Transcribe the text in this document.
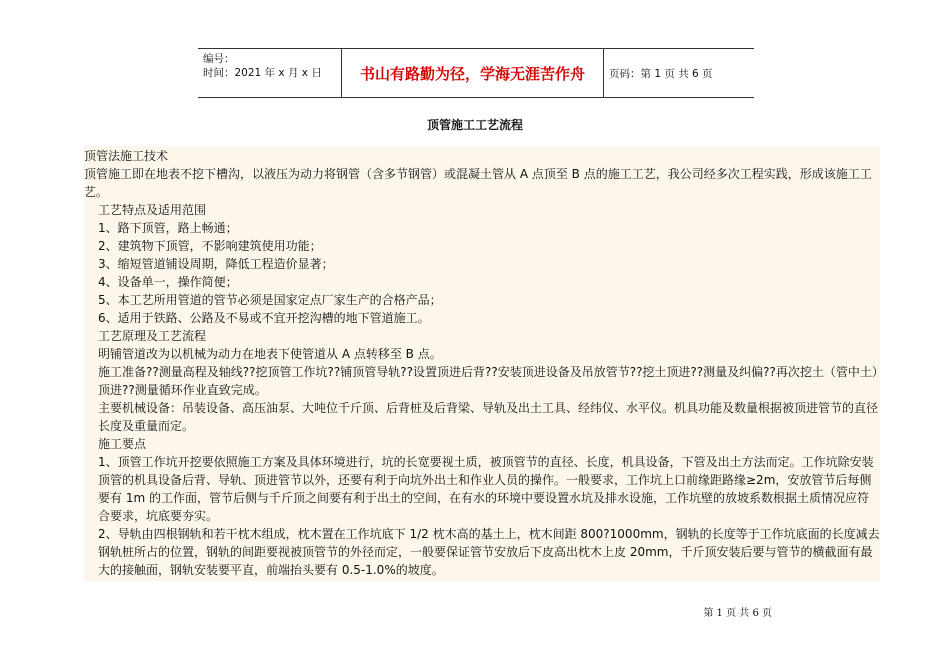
编号：
时间：2021 年 x 月 x 日	书山有路勤为径，学海无涯苦作舟	页码：第 1 页 共 6 页
顶管施工工艺流程

顶管法施工技术

顶管施工即在地表不挖下槽沟，以液压为动力将钢管（含多节钢管）或混凝土管从 A 点顶至 B 点的施工工艺，我公司经多次工程实践，形成该施工工艺。

工艺特点及适用范围

1、路下顶管，路上畅通；

2、建筑物下顶管，不影响建筑使用功能；

3、缩短管道铺设周期，降低工程造价显著；

4、设备单一，操作简便；

5、本工艺所用管道的管节必须是国家定点厂家生产的合格产品；

6、适用于铁路、公路及不易或不宜开挖沟槽的地下管道施工。

工艺原理及工艺流程

明铺管道改为以机械为动力在地表下使管道从 A 点转移至 B 点。

施工准备??测量高程及轴线??挖顶管工作坑??铺顶管导轨??设置顶进后背??安装顶进设备及吊放管节??挖土顶进??测量及纠偏??再次挖土（管中土）顶进??测量循环作业直致完成。

主要机械设备：吊装设备、高压油泵、大吨位千斤顶、后背桩及后背梁、导轨及出土工具、经纬仪、水平仪。机具功能及数量根据被顶进管节的直径长度及重量而定。

施工要点

1、顶管工作坑开挖要依照施工方案及具体环境进行，坑的长宽要视土质，被顶管节的直径、长度，机具设备，下管及出土方法而定。工作坑除安装顶管的机具设备后背、导轨、顶进管节以外，还要有利于向坑外出土和作业人员的操作。一般要求，工作坑上口前缘距路缘≥2m，安放管节后每侧要有 1m 的工作面，管节后侧与千斤顶之间要有利于出土的空间，在有水的环境中要设置水坑及排水设施，工作坑壁的放坡系数根据土质情况应符合要求，坑底要夯实。

2、导轨由四根钢轨和若干枕木组成，枕木置在工作坑底下 1/2 枕木高的基土上，枕木间距 800?1000mm，钢轨的长度等于工作坑底面的长度减去钢轨桩所占的位置，钢轨的间距要视被顶管节的外径而定，一般要保证管节安放后下皮高出枕木上皮 20mm，千斤顶安装后要与管节的横截面有最大的接触面，钢轨安装要平直，前端抬头要有 0.5-1.0%的坡度。

第 1 页 共 6 页
